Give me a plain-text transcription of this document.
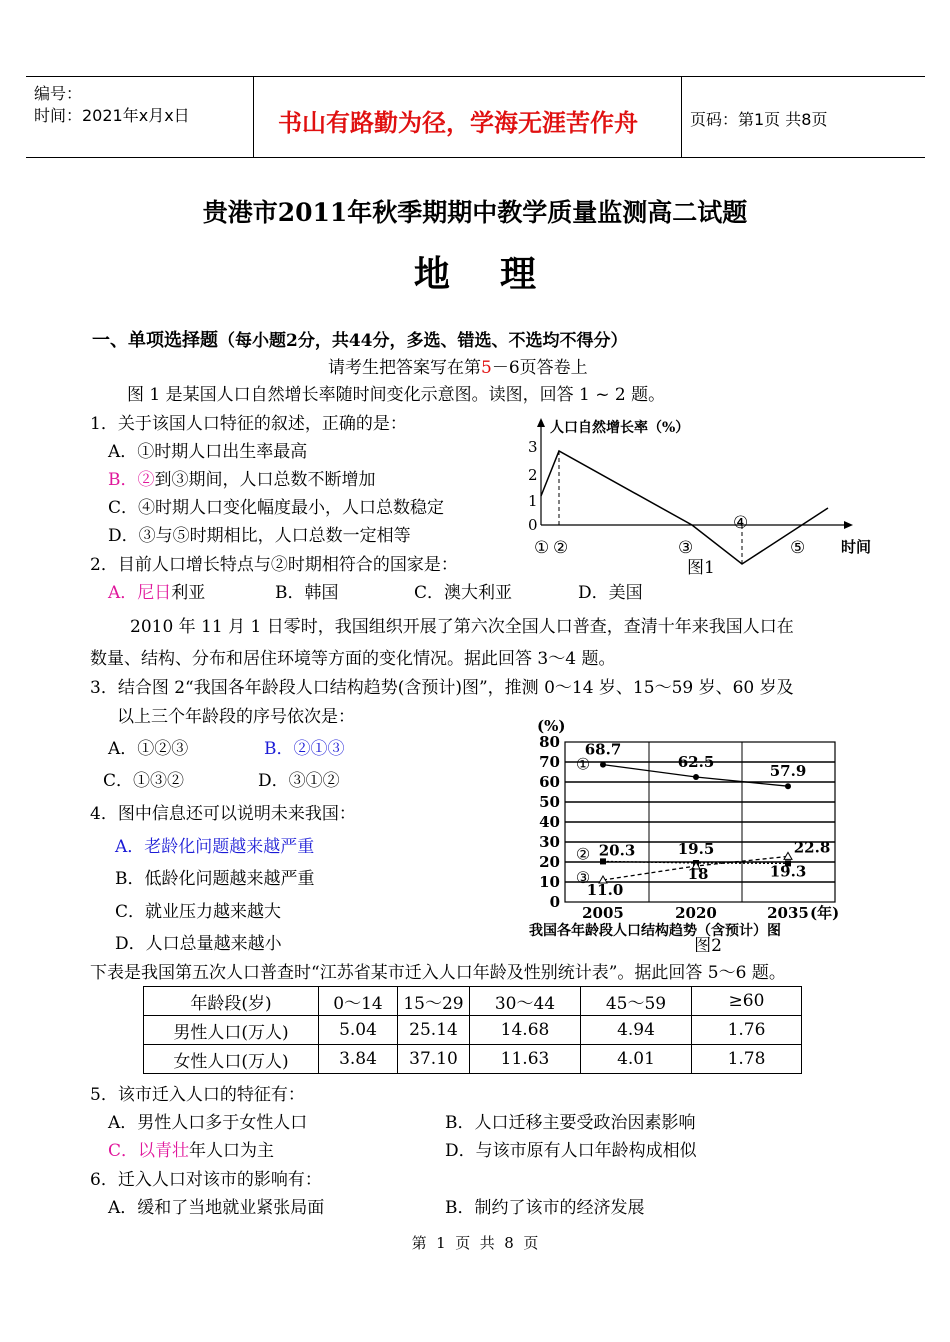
编号：
时间：2021年x月x日	书山有路勤为径，学海无涯苦作舟	页码：第1页 共8页
贵港市2011年秋季期期中教学质量监测高二试题
地    理
一、单项选择题（每小题2分，共44分，多选、错选、不选均不得分）
请考生把答案写在第5－6页答卷上
图 1 是某国人口自然增长率随时间变化示意图。读图，回答 1 ~ 2 题。
1．关于该国人口特征的叙述，正确的是：
A．①时期人口出生率最高
B．②到③期间，人口总数不断增加
C．④时期人口变化幅度最小，人口总数稳定
D．③与⑤时期相比，人口总数一定相等
2．目前人口增长特点与②时期相符合的国家是：
A．尼日利亚	B．韩国	C．澳大利亚	D．美国
3
2
1
0
人口自然增长率（%）
时间
① ②	③
④
⑤
图1
2010 年 11 月 1 日零时，我国组织开展了第六次全国人口普查，查清十年来我国人口在
数量、结构、分布和居住环境等方面的变化情况。据此回答 3～4 题。
3．结合图 2“我国各年龄段人口结构趋势(含预计)图”，推测 0～14 岁、15～59 岁、60 岁及
以上三个年龄段的序号依次是：
A．①②③	B．②①③
C．①③②	D．③①②
4．图中信息还可以说明未来我国：
A．老龄化问题越来越严重
B．低龄化问题越来越严重
C．就业压力越来越大
D．人口总量越来越小
80
70
60
50
40
30
20
10
0
(%)
2005	2020	2035 (年)
68.7
62.5
57.9
20.3	19.5
19.3
11.0
18
22.8
①
②
③
我国各年龄段人口结构趋势（含预计）图
图2
下表是我国第五次人口普查时“江苏省某市迁入人口年龄及性别统计表”。据此回答 5～6 题。
年龄段(岁)	0～14	15～29	30～44	45～59	≥60
男性人口(万人)	5.04	25.14	14.68	4.94	1.76
女性人口(万人)	3.84	37.10	11.63	4.01	1.78
5．该市迁入人口的特征有：
A．男性人口多于女性人口	B．人口迁移主要受政治因素影响
C．以青壮年人口为主	D．与该市原有人口年龄构成相似
6．迁入人口对该市的影响有：
A．缓和了当地就业紧张局面	B．制约了该市的经济发展
第  1  页  共  8  页
